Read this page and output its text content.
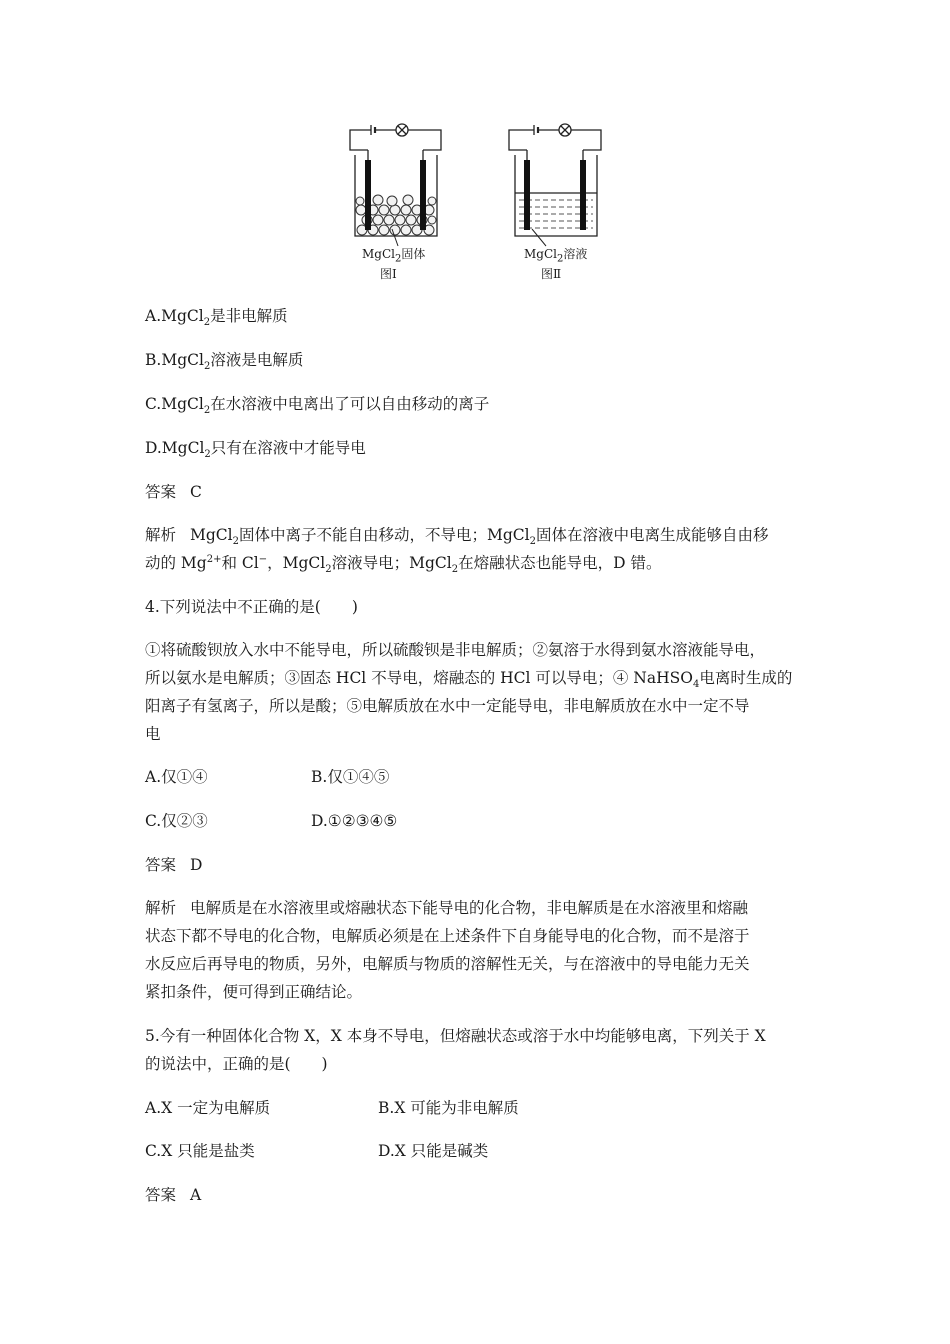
MgCl$_2$固体
图Ⅰ
MgCl$_2$溶液
图Ⅱ
A.MgCl$_2$是非电解质
B.MgCl$_2$溶液是电解质
C.MgCl$_2$在水溶液中电离出了可以自由移动的离子
D.MgCl$_2$只有在溶液中才能导电
答案 C
解析 MgCl$_2$固体中离子不能自由移动，不导电；MgCl$_2$固体在溶液中电离生成能够自由移
动的 $Mg^{2+}$和 Cl−，MgCl$_2$溶液导电；MgCl$_2$在熔融状态也能导电，D 错。
4.下列说法中不正确的是(　　)
①将硫酸钡放入水中不能导电，所以硫酸钡是非电解质；②氨溶于水得到氨水溶液能导电，
所以氨水是电解质；③固态 HCl 不导电，熔融态的 HCl 可以导电；④ NaHSO$_4$电离时生成的
阳离子有氢离子，所以是酸；⑤电解质放在水中一定能导电，非电解质放在水中一定不导
电
A.仅①④	B.仅①④⑤
C.仅②③	D.①②③④⑤
答案 D
解析 电解质是在水溶液里或熔融状态下能导电的化合物，非电解质是在水溶液里和熔融
状态下都不导电的化合物，电解质必须是在上述条件下自身能导电的化合物，而不是溶于
水反应后再导电的物质，另外，电解质与物质的溶解性无关，与在溶液中的导电能力无关
紧扣条件，便可得到正确结论。
5.今有一种固体化合物 X，X 本身不导电，但熔融状态或溶于水中均能够电离，下列关于 X
的说法中，正确的是(　　)
A.X 一定为电解质	B.X 可能为非电解质
C.X 只能是盐类	D.X 只能是碱类
答案 A
